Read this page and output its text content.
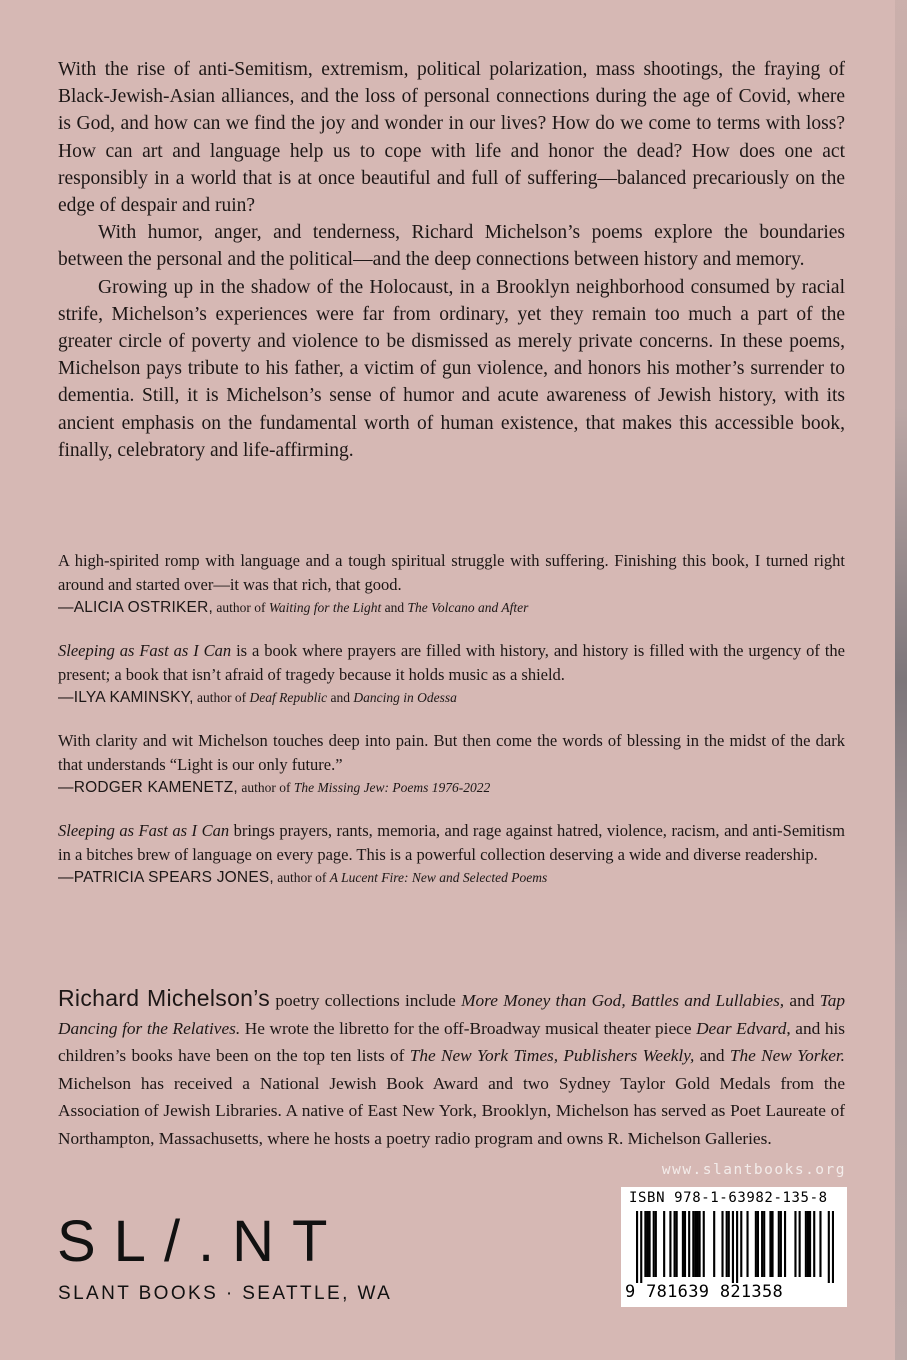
With the rise of anti-Semitism, extremism, political polarization, mass shootings, the fraying of Black-Jewish-Asian alliances, and the loss of personal connections during the age of Covid, where is God, and how can we find the joy and wonder in our lives? How do we come to terms with loss? How can art and language help us to cope with life and honor the dead? How does one act responsibly in a world that is at once beautiful and full of suffering—balanced precariously on the edge of despair and ruin?

With humor, anger, and tenderness, Richard Michelson’s poems explore the boundaries between the personal and the political—and the deep connections between history and memory.

Growing up in the shadow of the Holocaust, in a Brooklyn neighborhood consumed by racial strife, Michelson’s experiences were far from ordinary, yet they remain too much a part of the greater circle of poverty and violence to be dismissed as merely private concerns. In these poems, Michelson pays tribute to his father, a victim of gun violence, and honors his mother’s surrender to dementia. Still, it is Michelson’s sense of humor and acute awareness of Jewish history, with its ancient emphasis on the fundamental worth of human existence, that makes this accessible book, finally, celebratory and life-affirming.

A high-spirited romp with language and a tough spiritual struggle with suffering. Finishing this book, I turned right around and started over—it was that rich, that good.
—ALICIA OSTRIKER, author of Waiting for the Light and The Volcano and After
Sleeping as Fast as I Can is a book where prayers are filled with history, and history is filled with the urgency of the present; a book that isn’t afraid of tragedy because it holds music as a shield.
—ILYA KAMINSKY, author of Deaf Republic and Dancing in Odessa
With clarity and wit Michelson touches deep into pain. But then come the words of blessing in the midst of the dark that understands “Light is our only future.”
—RODGER KAMENETZ, author of The Missing Jew: Poems 1976-2022
Sleeping as Fast as I Can brings prayers, rants, memoria, and rage against hatred, violence, racism, and anti-Semitism in a bitches brew of language on every page. This is a powerful collection deserving a wide and diverse readership.
—PATRICIA SPEARS JONES, author of A Lucent Fire: New and Selected Poems
Richard Michelson’s poetry collections include More Money than God, Battles and Lullabies, and Tap Dancing for the Relatives. He wrote the libretto for the off-Broadway musical theater piece Dear Edvard, and his children’s books have been on the top ten lists of The New York Times, Publishers Weekly, and The New Yorker. Michelson has received a National Jewish Book Award and two Sydney Taylor Gold Medals from the Association of Jewish Libraries. A native of East New York, Brooklyn, Michelson has served as Poet Laureate of Northampton, Massachusetts, where he hosts a poetry radio program and owns R. Michelson Galleries.
SL/.NT
SLANT BOOKS · SEATTLE, WA
www.slantbooks.org
ISBN 978-1-63982-135-8
9 781639 821358
